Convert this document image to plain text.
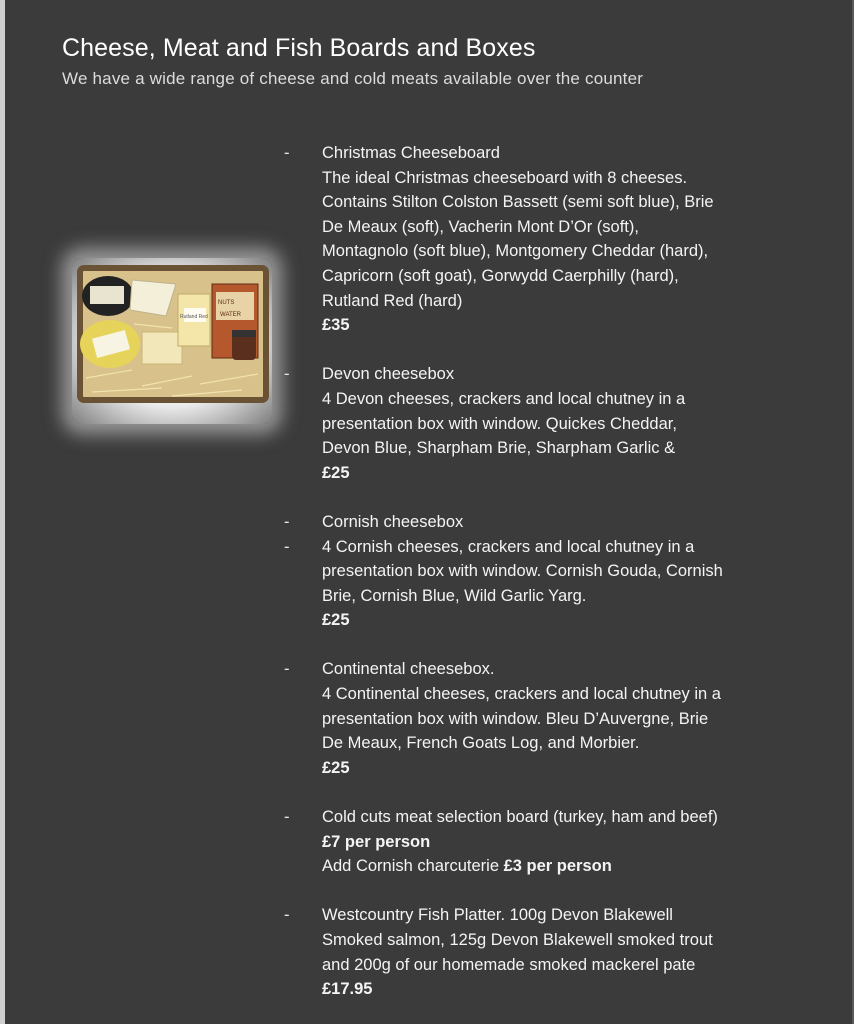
Cheese, Meat and Fish Boards and Boxes
We have a wide range of cheese and cold meats available over the counter
NUTS
WATER
Rutland Red
-	Christmas Cheeseboard
The ideal Christmas cheeseboard with 8 cheeses.
Contains Stilton Colston Bassett (semi soft blue), Brie
De Meaux (soft), Vacherin Mont D’Or (soft),
Montagnolo (soft blue), Montgomery Cheddar (hard),
Capricorn (soft goat), Gorwydd Caerphilly (hard),
Rutland Red (hard)
£35
-	Devon cheesebox
4 Devon cheeses, crackers and local chutney in a
presentation box with window. Quickes Cheddar,
Devon Blue, Sharpham Brie, Sharpham Garlic &
£25
-	Cornish cheesebox
-	4 Cornish cheeses, crackers and local chutney in a
presentation box with window. Cornish Gouda, Cornish
Brie, Cornish Blue, Wild Garlic Yarg.
£25
-	Continental cheesebox.
4 Continental cheeses, crackers and local chutney in a
presentation box with window. Bleu D’Auvergne, Brie
De Meaux, French Goats Log, and Morbier.
£25
-	Cold cuts meat selection board (turkey, ham and beef)
£7 per person
Add Cornish charcuterie £3 per person
-	Westcountry Fish Platter. 100g Devon Blakewell
Smoked salmon, 125g Devon Blakewell smoked trout
and 200g of our homemade smoked mackerel pate
£17.95
